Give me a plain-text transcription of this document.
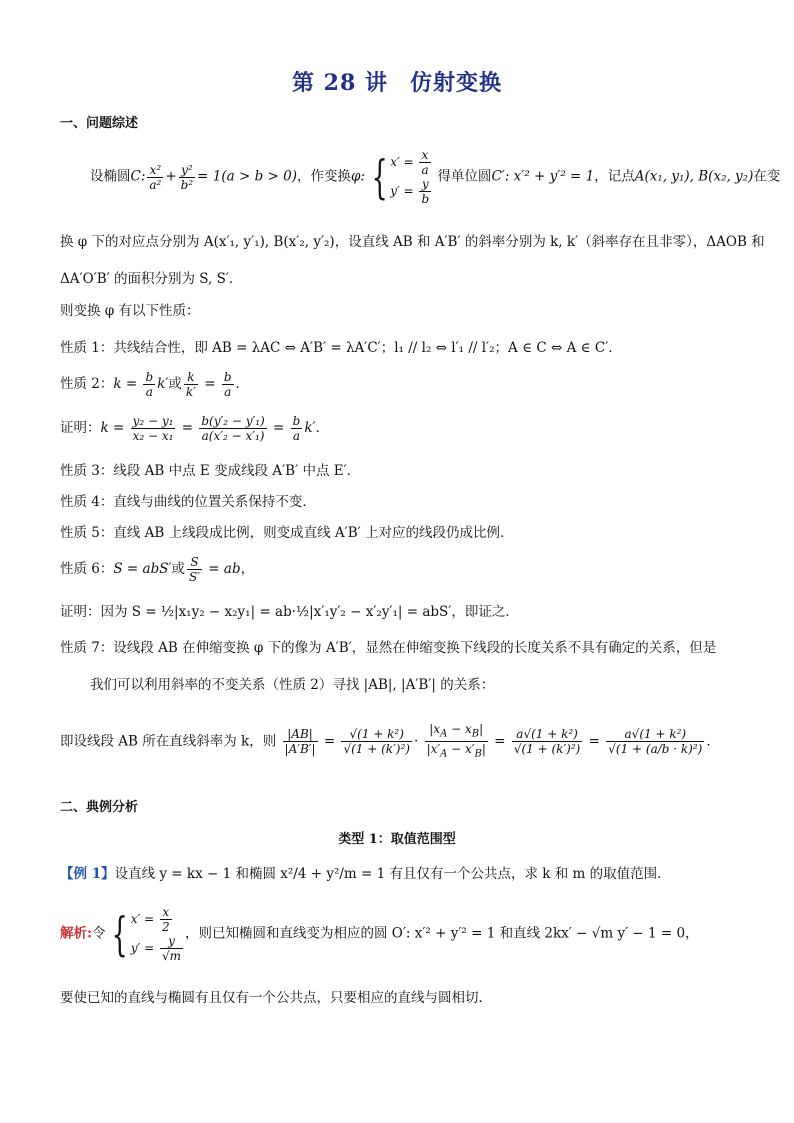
第 28 讲 仿射变换
一、问题综述
设椭圆C: $\frac{\text{x²}}{\text{a²}} + \frac{\text{y²}}{\text{b²}} = 1(a > b > 0)$，作变换φ: { $x' = \frac{x}{a}$
$y' = \frac{y}{b}$
得单位圆C′: x′² + y′² = 1，记点A(x₁, y₁), B(x₂, y₂)在变
换 φ 下的对应点分别为 A(x′₁, y′₁), B(x′₂, y′₂)，设直线 AB 和 A′B′ 的斜率分别为 k, k′（斜率存在且非零），ΔAOB 和
ΔA′O′B′ 的面积分别为 S, S′．
则变换 φ 有以下性质：
性质 1：共线结合性，即 AB = λAC ⇔ A′B′ = λA′C′；l₁ // l₂ ⇔ l′₁ // l′₂；A ∈ C ⇔ A ∈ C′．
性质 2：$k = \frac{b}{a} k'$或 $\frac{k}{k'} = \frac{b}{a}$ ．
证明：$k = \frac{\text{y₂ − y₁}}{\text{x₂ − x₁}} = \frac{\text{b(y′₂ − y′₁)}}{\text{a(x′₂ − x′₁)}} = \frac{b}{a} k'$．
性质 3：线段 AB 中点 E 变成线段 A′B′ 中点 E′．
性质 4：直线与曲线的位置关系保持不变．
性质 5：直线 AB 上线段成比例，则变成直线 A′B′ 上对应的线段仍成比例．
性质 6：S = abS′或 $\frac{S}{S'}$ = ab，
证明：因为 S = ½|x₁y₂ − x₂y₁| = ab·½|x′₁y′₂ − x′₂y′₁| = abS′，即证之．
性质 7：设线段 AB 在伸缩变换 φ 下的像为 A′B′，显然在伸缩变换下线段的长度关系不具有确定的关系，但是
我们可以利用斜率的不变关系（性质 2）寻找 |AB|, |A′B′| 的关系：
即设线段 AB 所在直线斜率为 k，则 $\frac{|AB|}{|A'B'|} = \frac{\text{√(1 + k²)}}{\text{√(1 + (k′)²)}} \cdot \frac{|x_A - x_B|}{|x'_A - x'_B|} = \frac{\text{a√(1 + k²)}}{\text{√(1 + (k′)²)}} = \frac{\text{a√(1 + k²)}}{\text{√(1 + (a/b · k)²)}}$ ．
二、典例分析
类型 1：取值范围型
【例 1】设直线 y = kx − 1 和椭圆 x²/4 + y²/m = 1 有且仅有一个公共点，求 k 和 m 的取值范围．
解析:令 { $x' = \frac{x}{2}$
$y' = \frac{y}{√m}$
，则已知椭圆和直线变为相应的圆 O′: x′² + y′² = 1 和直线 2kx′ − √m y′ − 1 = 0，
要使已知的直线与椭圆有且仅有一个公共点，只要相应的直线与圆相切．
